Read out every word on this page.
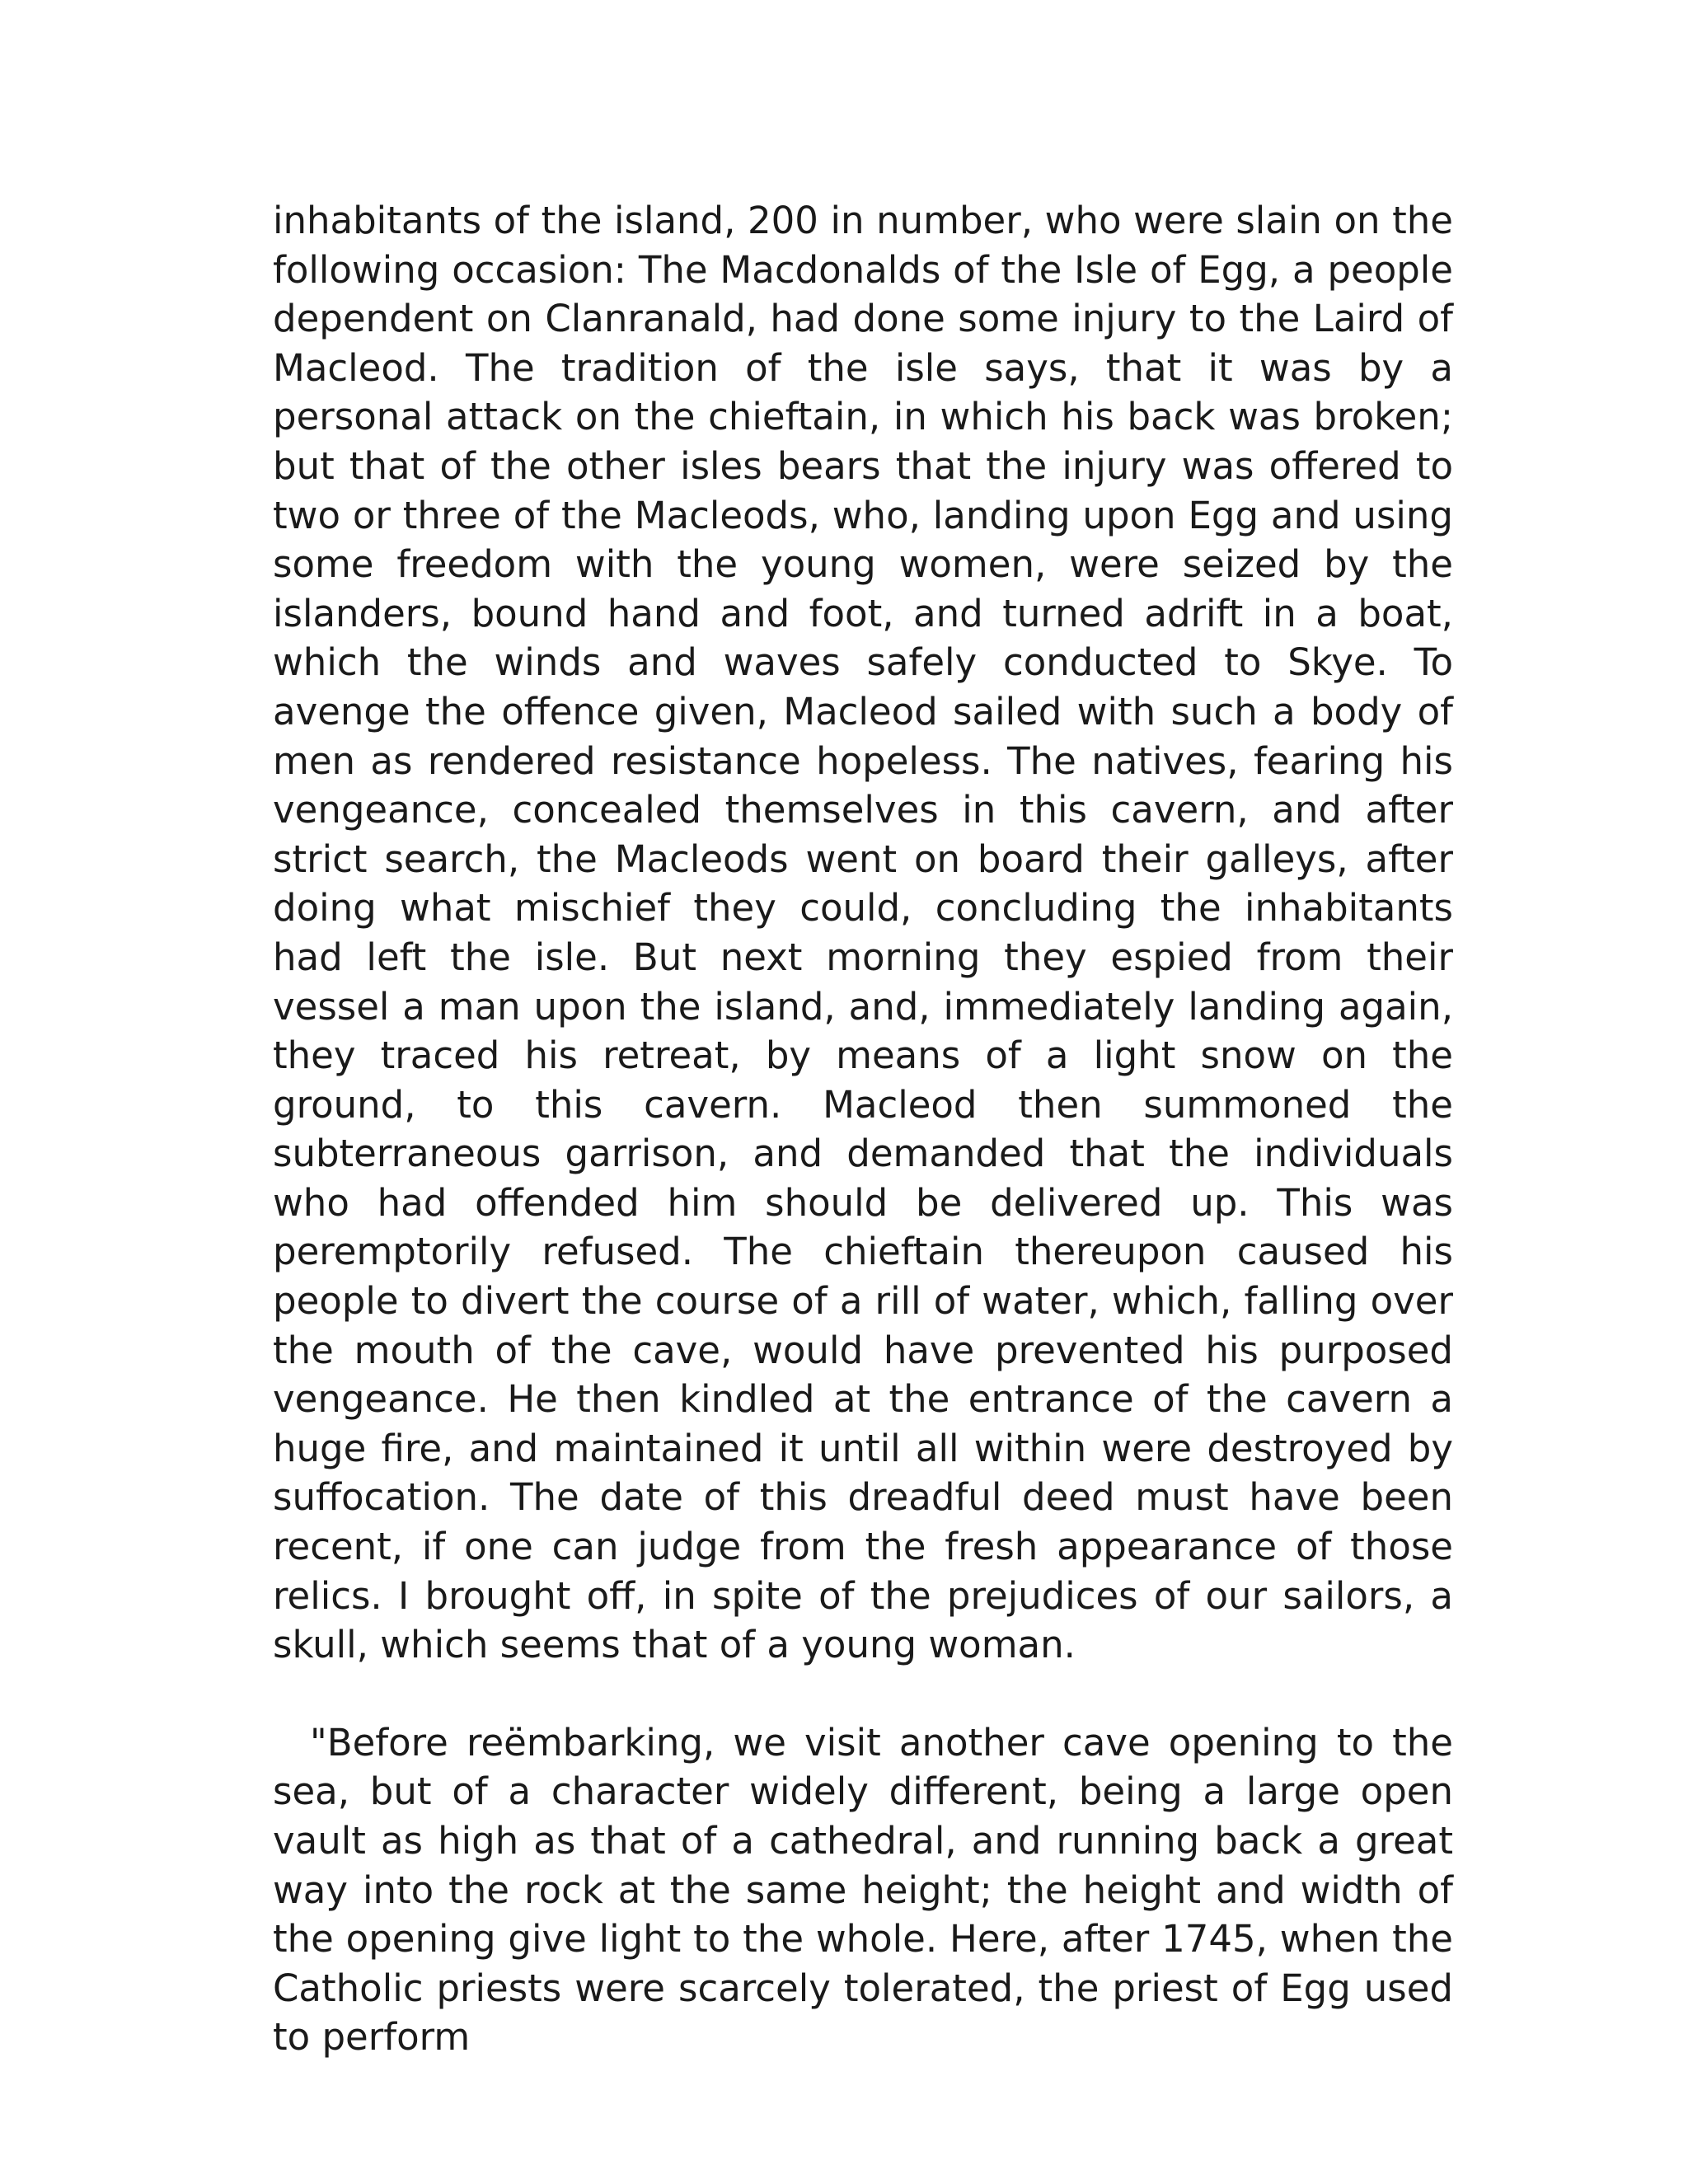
inhabitants of the island, 200 in number, who were slain on the following occasion: The Macdonalds of the Isle of Egg, a people dependent on Clanranald, had done some injury to the Laird of Macleod. The tradition of the isle says, that it was by a personal attack on the chieftain, in which his back was broken; but that of the other isles bears that the injury was offered to two or three of the Macleods, who, landing upon Egg and using some freedom with the young women, were seized by the islanders, bound hand and foot, and turned adrift in a boat, which the winds and waves safely conducted to Skye. To avenge the offence given, Macleod sailed with such a body of men as rendered resistance hopeless. The natives, fearing his vengeance, concealed themselves in this cavern, and after strict search, the Macleods went on board their galleys, after doing what mischief they could, concluding the inhabitants had left the isle. But next morning they espied from their vessel a man upon the island, and, immediately landing again, they traced his retreat, by means of a light snow on the ground, to this cavern. Macleod then summoned the subterraneous garrison, and demanded that the individuals who had offended him should be delivered up. This was peremptorily refused. The chieftain thereupon caused his people to divert the course of a rill of water, which, falling over the mouth of the cave, would have prevented his purposed vengeance. He then kindled at the entrance of the cavern a huge fire, and maintained it until all within were destroyed by suffocation. The date of this dreadful deed must have been recent, if one can judge from the fresh appearance of those relics. I brought off, in spite of the prejudices of our sailors, a skull, which seems that of a young woman.

"Before reëmbarking, we visit another cave opening to the sea, but of a character widely different, being a large open vault as high as that of a cathedral, and running back a great way into the rock at the same height; the height and width of the opening give light to the whole. Here, after 1745, when the Catholic priests were scarcely tolerated, the priest of Egg used to perform
